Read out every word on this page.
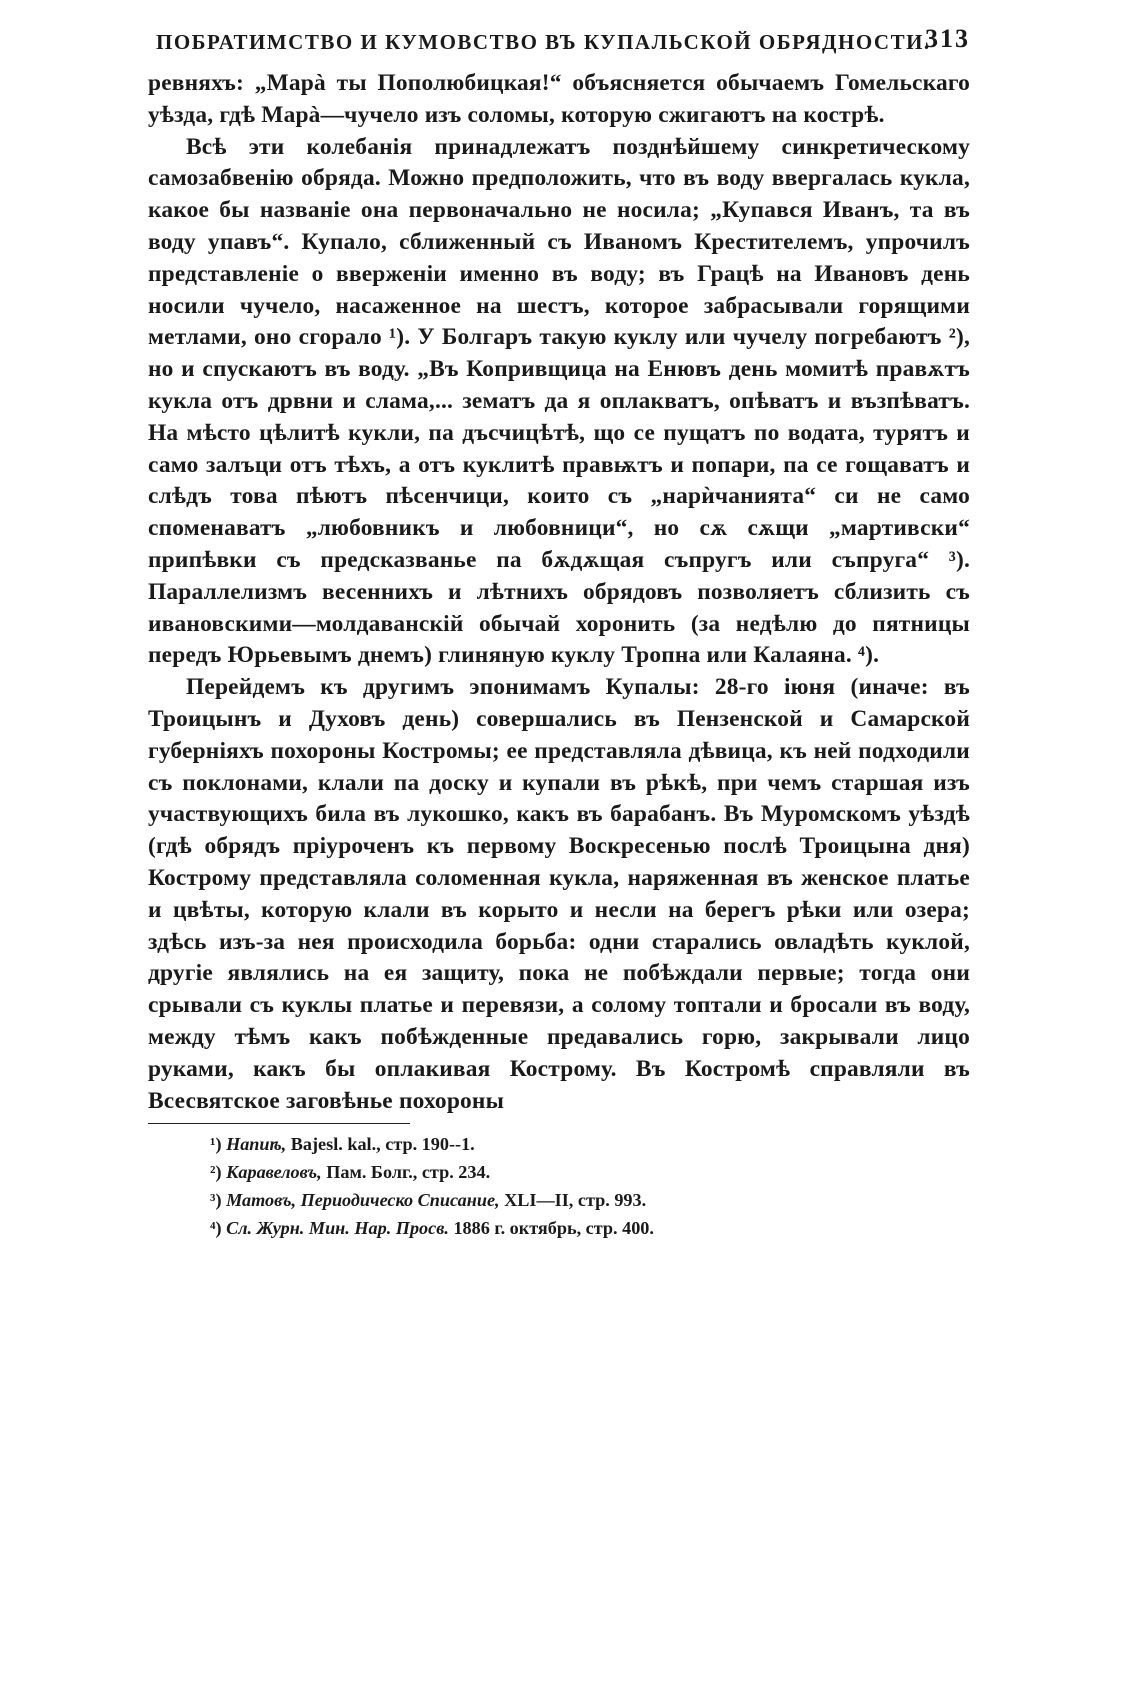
ПОБРАТИМСТВО И КУМОВСТВО ВЪ КУПАЛЬСКОЙ ОБРЯДНОСТИ.
313

ревняхъ: „Марà ты Пополюбицкая!“ объясняется обычаемъ Гомельскаго уѣзда, гдѣ Марà—чучело изъ соломы, которую сжигаютъ на кострѣ.

Всѣ эти колебанія принадлежатъ позднѣйшему синкретическому самозабвенію обряда. Можно предположить, что въ воду ввергалась кукла, какое бы названіе она первоначально не носила; „Купався Иванъ, та въ воду упавъ“. Купало, сближенный съ Иваномъ Крестителемъ, упрочилъ представленіе о вверженіи именно въ воду; въ Грацѣ на Ивановъ день носили чучело, насаженное на шестъ, которое забрасывали горящими метлами, оно сгорало ¹). У Болгаръ такую куклу или чучелу погребаютъ ²), но и спускаютъ въ воду. „Въ Копривщица на Енювъ день момитѣ правѫтъ кукла отъ дрвни и слама,... зематъ да я оплакватъ, опѣватъ и възпѣватъ. На мѣсто цѣлитѣ кукли, па дъсчицѣтѣ, що се пущатъ по водата, турятъ и само залъци отъ тѣхъ, а отъ куклитѣ правѭтъ и попари, па се гощаватъ и слѣдъ това пѣютъ пѣсенчици, които съ „нарѝчанията“ си не само споменаватъ „любовникъ и любовници“, но сѫ сѫщи „мартивски“ припѣвки съ предсказванье па бѫдѫщая съпругъ или съпруга“ ³). Параллелизмъ весеннихъ и лѣтнихъ обрядовъ позволяетъ сблизить съ ивановскими—молдаванскій обычай хоронить (за недѣлю до пятницы передъ Юрьевымъ днемъ) глиняную куклу Тропна или Калаяна. ⁴).

Перейдемъ къ другимъ эпонимамъ Купалы: 28-го іюня (иначе: въ Троицынъ и Духовъ день) совершались въ Пензенской и Самарской губерніяхъ похороны Костромы; ее представляла дѣвица, къ ней подходили съ поклонами, клали па доску и купали въ рѣкѣ, при чемъ старшая изъ участвующихъ била въ лукошко, какъ въ барабанъ. Въ Муромскомъ уѣздѣ (гдѣ обрядъ пріуроченъ къ первому Воскресенью послѣ Троицына дня) Кострому представляла соломенная кукла, наряженная въ женское платье и цвѣты, которую клали въ корыто и несли на берегъ рѣки или озера; здѣсь изъ-за нея происходила борьба: одни старались овладѣть куклой, другіе являлись на ея защиту, пока не побѣждали первые; тогда они срывали съ куклы платье и перевязи, а солому топтали и бросали въ воду, между тѣмъ какъ побѣжденные предавались горю, закрывали лицо руками, какъ бы оплакивая Кострому. Въ Костромѣ справляли въ Всесвятское заговѣнье похороны

¹) Нaпиѣ, Bajesl. kal., стр. 190--1.
²) Каравеловъ, Пам. Болг., стр. 234.
³) Матовъ, Периодическо Списание, XLI—II, стр. 993.
⁴) Сл. Журн. Мин. Нар. Просв. 1886 г. октябрь, стр. 400.
